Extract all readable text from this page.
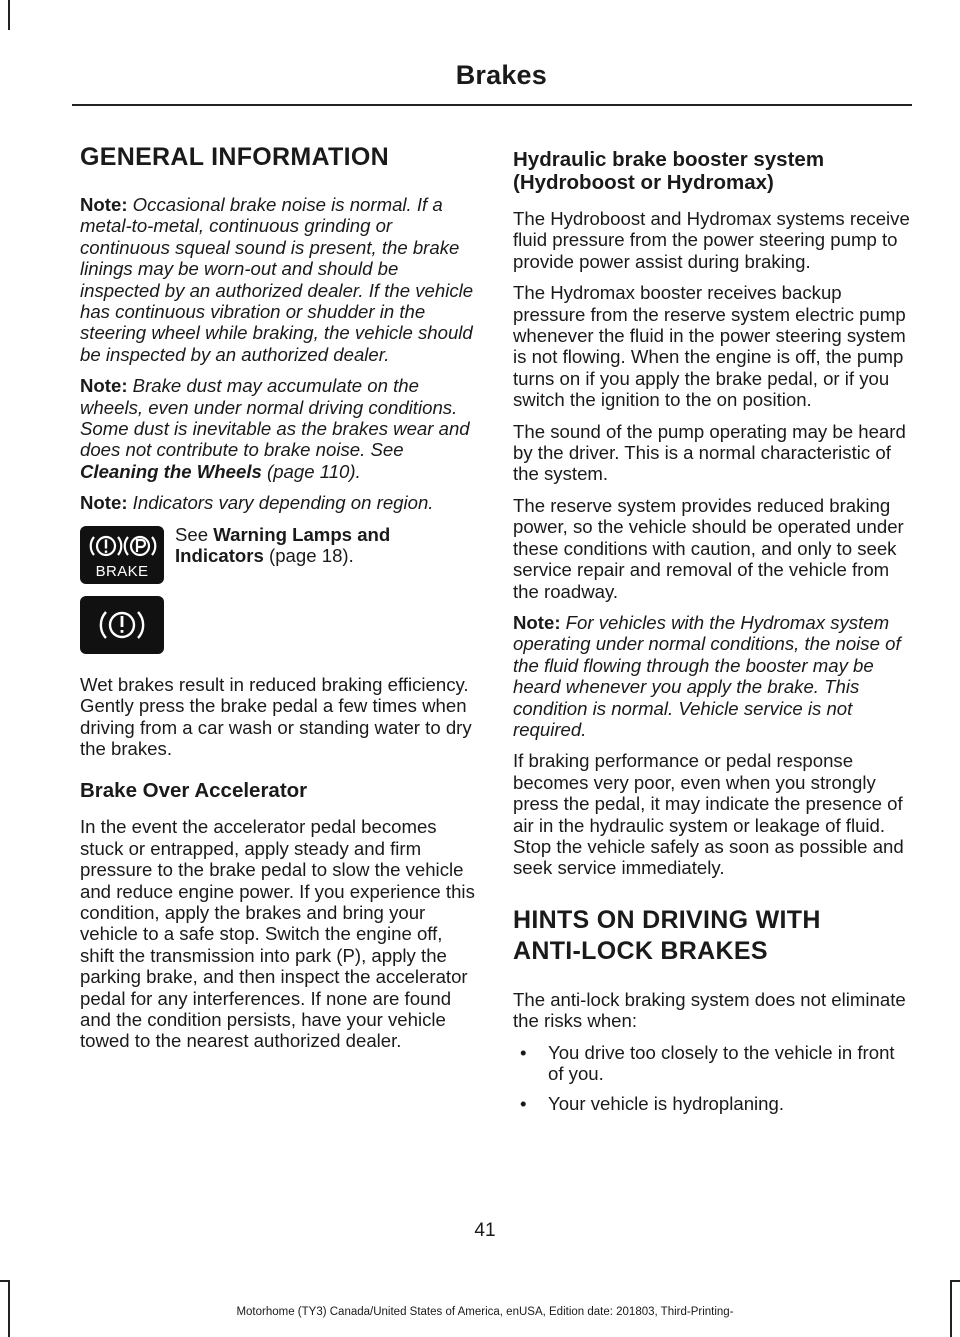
Brakes
GENERAL INFORMATION

Note: Occasional brake noise is normal. If a metal-to-metal, continuous grinding or continuous squeal sound is present, the brake linings may be worn-out and should be inspected by an authorized dealer. If the vehicle has continuous vibration or shudder in the steering wheel while braking, the vehicle should be inspected by an authorized dealer.

Note: Brake dust may accumulate on the wheels, even under normal driving conditions. Some dust is inevitable as the brakes wear and does not contribute to brake noise. See Cleaning the Wheels (page 110).

Note: Indicators vary depending on region.

BRAKE

See Warning Lamps and Indicators (page 18).

Wet brakes result in reduced braking efficiency. Gently press the brake pedal a few times when driving from a car wash or standing water to dry the brakes.

Brake Over Accelerator

In the event the accelerator pedal becomes stuck or entrapped, apply steady and firm pressure to the brake pedal to slow the vehicle and reduce engine power. If you experience this condition, apply the brakes and bring your vehicle to a safe stop. Switch the engine off, shift the transmission into park (P), apply the parking brake, and then inspect the accelerator pedal for any interferences. If none are found and the condition persists, have your vehicle towed to the nearest authorized dealer.

Hydraulic brake booster system (Hydroboost or Hydromax)

The Hydroboost and Hydromax systems receive fluid pressure from the power steering pump to provide power assist during braking.

The Hydromax booster receives backup pressure from the reserve system electric pump whenever the fluid in the power steering system is not flowing. When the engine is off, the pump turns on if you apply the brake pedal, or if you switch the ignition to the on position.

The sound of the pump operating may be heard by the driver. This is a normal characteristic of the system.

The reserve system provides reduced braking power, so the vehicle should be operated under these conditions with caution, and only to seek service repair and removal of the vehicle from the roadway.

Note: For vehicles with the Hydromax system operating under normal conditions, the noise of the fluid flowing through the booster may be heard whenever you apply the brake. This condition is normal. Vehicle service is not required.

If braking performance or pedal response becomes very poor, even when you strongly press the pedal, it may indicate the presence of air in the hydraulic system or leakage of fluid. Stop the vehicle safely as soon as possible and seek service immediately.

HINTS ON DRIVING WITH
ANTI-LOCK BRAKES

The anti-lock braking system does not eliminate the risks when:

• You drive too closely to the vehicle in front of you.
• Your vehicle is hydroplaning.
41
Motorhome (TY3) Canada/United States of America, enUSA, Edition date: 201803, Third-Printing-
